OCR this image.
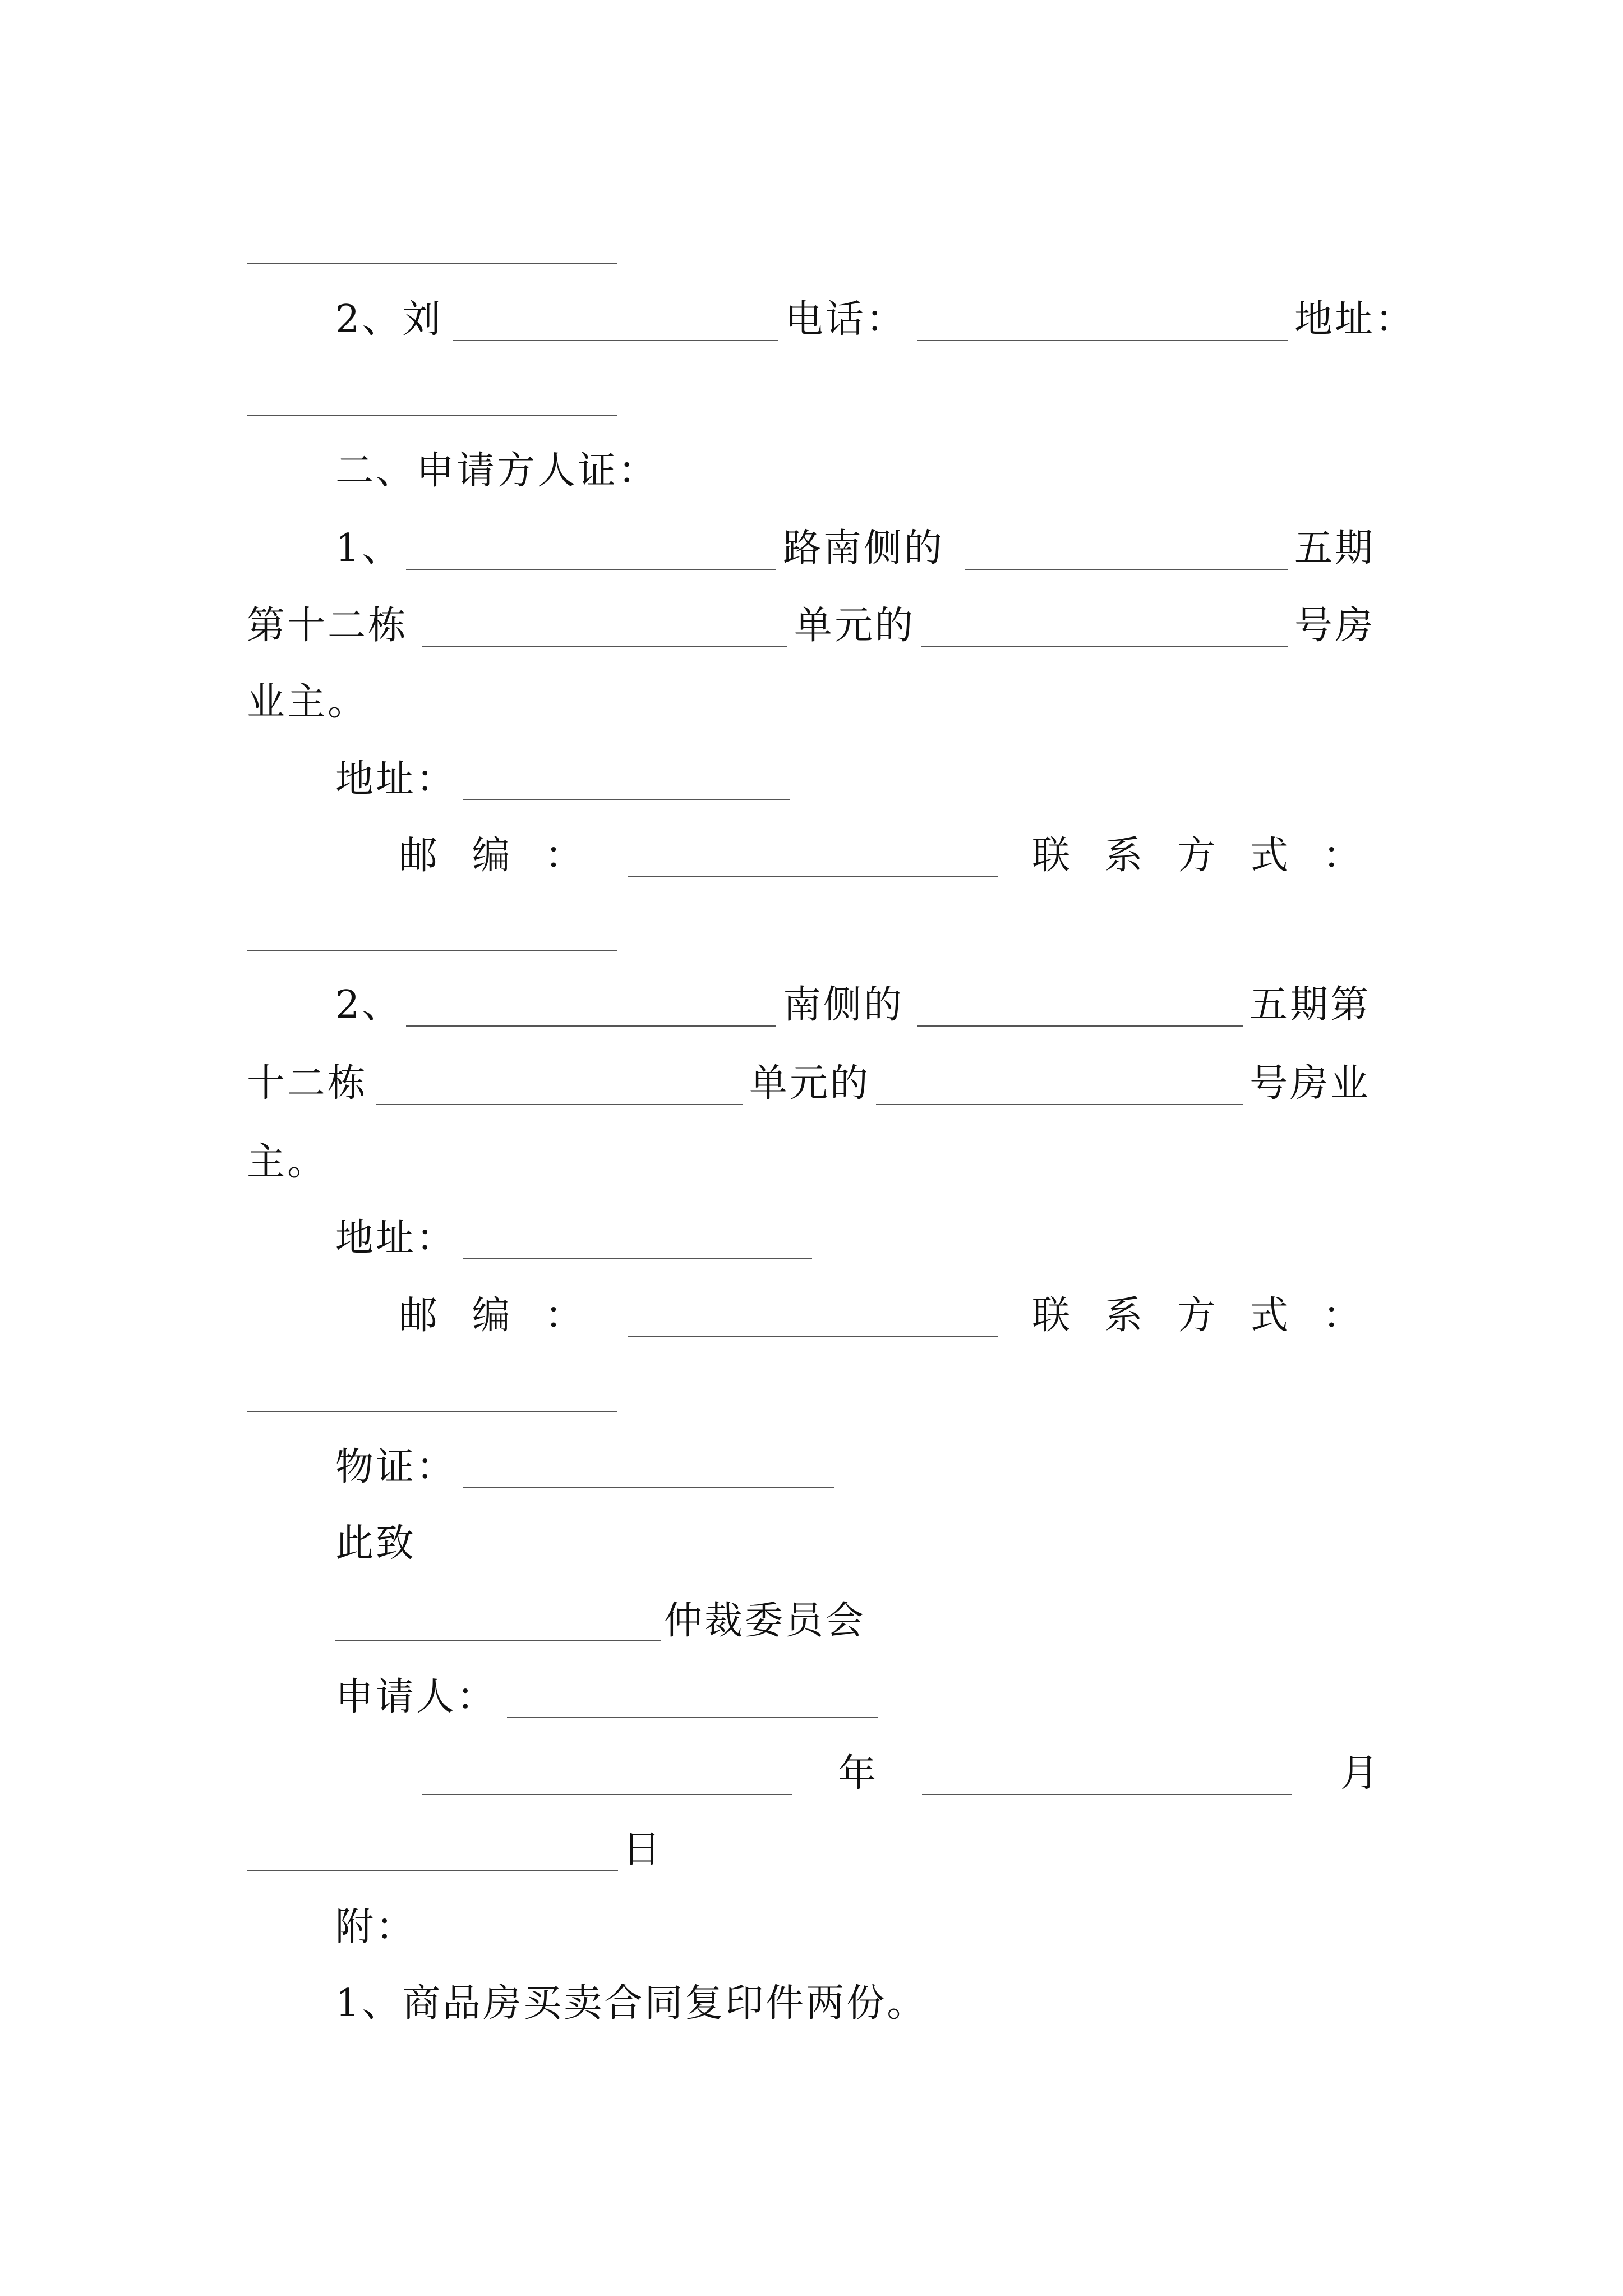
2、刘	电话：	地址：
二、申请方人证：
1、	路南侧的	五期
第十二栋	单元的	号房
业主。
地址：
邮 编 ：	联 系 方 式 ：
2、	南侧的	五期第
十二栋	单元的	号房业
主。
地址：
邮 编 ：	联 系 方 式 ：
物证：
此致
仲裁委员会
申请人：
年	月
日
附：
1、商品房买卖合同复印件两份。
